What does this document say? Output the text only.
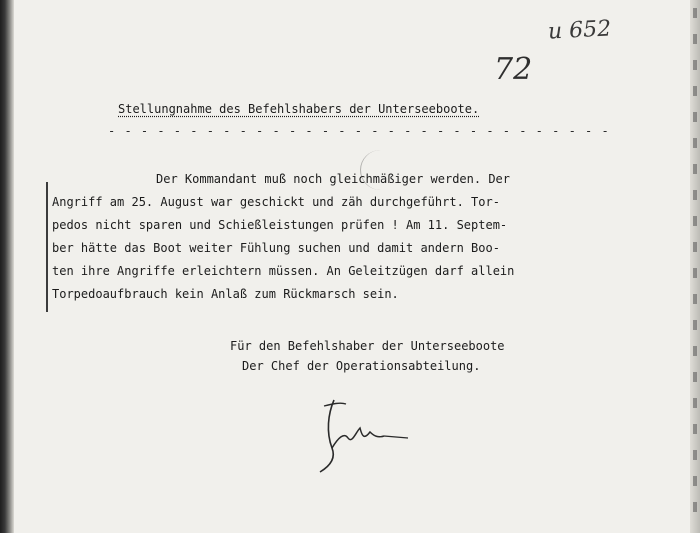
u 652
72
Stellungnahme des Befehlshabers der Unterseeboote.
- - - - - - - - - - - - - - - - - - - - - - - - - - - - - - -
Der Kommandant muß noch gleichmäßiger werden. Der
Angriff am 25. August war geschickt und zäh durchgeführt. Tor-
pedos nicht sparen und Schießleistungen prüfen ! Am 11. Septem-
ber hätte das Boot weiter Fühlung suchen und damit andern Boo-
ten ihre Angriffe erleichtern müssen. An Geleitzügen darf allein
Torpedoaufbrauch kein Anlaß zum Rückmarsch sein.
Für den Befehlshaber der Unterseeboote
Der Chef der Operationsabteilung.
